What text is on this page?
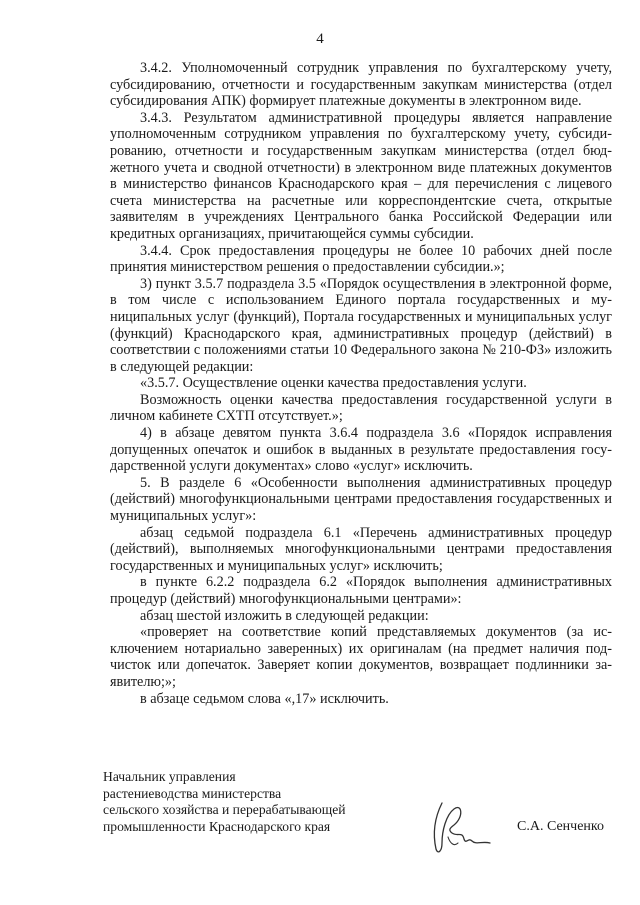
4

3.4.2. Уполномоченный сотрудник управления по бухгалтерскому учету, субсидированию, отчетности и государственным закупкам министерства (отдел субсидирования АПК) формирует платежные документы в электронном виде.

3.4.3. Результатом административной процедуры является направление уполномоченным сотрудником управления по бухгалтерскому учету, субсидированию, отчетности и государственным закупкам министерства (отдел бюджетного учета и сводной отчетности) в электронном виде платежных документов в министерство финансов Краснодарского края – для перечисления с лицевого счета министерства на расчетные или корреспондентские счета, открытые заявителям в учреждениях Центрального банка Российской Федерации или кредитных организациях, причитающейся суммы субсидии.

3.4.4. Срок предоставления процедуры не более 10 рабочих дней после принятия министерством решения о предоставлении субсидии.»;

3) пункт 3.5.7 подраздела 3.5 «Порядок осуществления в электронной форме, в том числе с использованием Единого портала государственных и муниципальных услуг (функций), Портала государственных и муниципальных услуг (функций) Краснодарского края, административных процедур (действий) в соответствии с положениями статьи 10 Федерального закона № 210-ФЗ» изложить в следующей редакции:

«3.5.7. Осуществление оценки качества предоставления услуги.

Возможность оценки качества предоставления государственной услуги в личном кабинете СХТП отсутствует.»;

4) в абзаце девятом пункта 3.6.4 подраздела 3.6 «Порядок исправления допущенных опечаток и ошибок в выданных в результате предоставления государственной услуги документах» слово «услуг» исключить.

5. В разделе 6 «Особенности выполнения административных процедур (действий) многофункциональными центрами предоставления государственных и муниципальных услуг»:

абзац седьмой подраздела 6.1 «Перечень административных процедур (действий), выполняемых многофункциональными центрами предоставления государственных и муниципальных услуг» исключить;

в пункте 6.2.2 подраздела 6.2 «Порядок выполнения административных процедур (действий) многофункциональными центрами»:

абзац шестой изложить в следующей редакции:

«проверяет на соответствие копий представляемых документов (за исключением нотариально заверенных) их оригиналам (на предмет наличия подчисток или допечаток. Заверяет копии документов, возвращает подлинники заявителю;»;

в абзаце седьмом слова «,17» исключить.

Начальник управления
растениеводства министерства
сельского хозяйства и перерабатывающей
промышленности Краснодарского края	С.А. Сенченко
